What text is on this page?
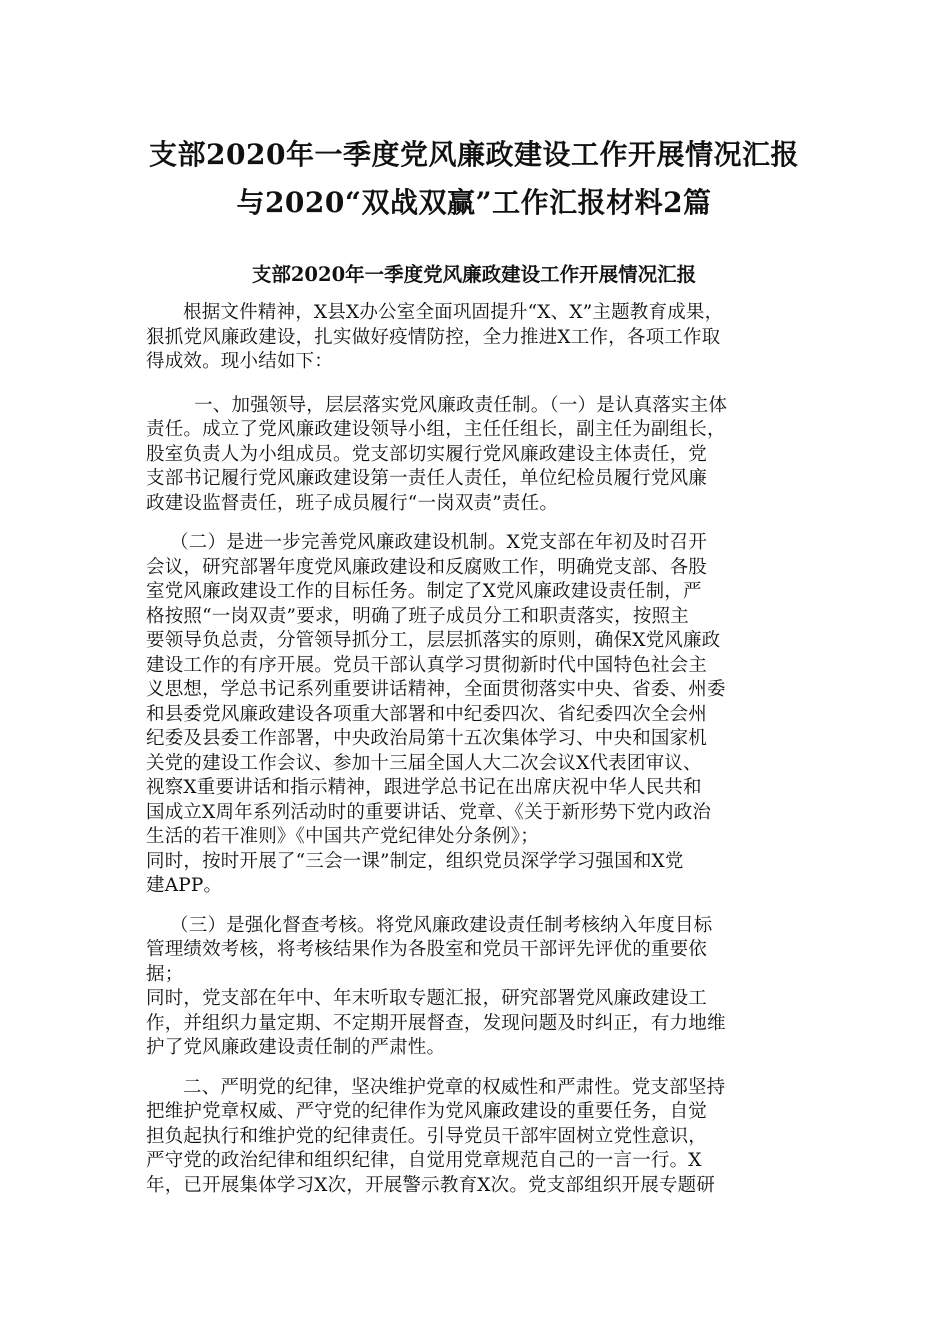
支部2020年一季度党风廉政建设工作开展情况汇报
与2020“双战双赢”工作汇报材料2篇
支部2020年一季度党风廉政建设工作开展情况汇报

根据文件精神，X县X办公室全面巩固提升“X、X”主题教育成果，
狠抓党风廉政建设，扎实做好疫情防控，全力推进X工作，各项工作取
得成效。现小结如下：

一、加强领导，层层落实党风廉政责任制。（一）是认真落实主体
责任。成立了党风廉政建设领导小组，主任任组长，副主任为副组长，
股室负责人为小组成员。党支部切实履行党风廉政建设主体责任，党
支部书记履行党风廉政建设第一责任人责任，单位纪检员履行党风廉
政建设监督责任，班子成员履行“一岗双责”责任。

（二）是进一步完善党风廉政建设机制。X党支部在年初及时召开
会议，研究部署年度党风廉政建设和反腐败工作，明确党支部、各股
室党风廉政建设工作的目标任务。制定了X党风廉政建设责任制，严
格按照“一岗双责”要求，明确了班子成员分工和职责落实，按照主
要领导负总责，分管领导抓分工，层层抓落实的原则，确保X党风廉政
建设工作的有序开展。党员干部认真学习贯彻新时代中国特色社会主
义思想，学总书记系列重要讲话精神，全面贯彻落实中央、省委、州委
和县委党风廉政建设各项重大部署和中纪委四次、省纪委四次全会州
纪委及县委工作部署，中央政治局第十五次集体学习、中央和国家机
关党的建设工作会议、参加十三届全国人大二次会议X代表团审议、
视察X重要讲话和指示精神，跟进学总书记在出席庆祝中华人民共和
国成立X周年系列活动时的重要讲话、党章、《关于新形势下党内政治
生活的若干准则》《中国共产党纪律处分条例》；
同时，按时开展了“三会一课”制定，组织党员深学学习强国和X党
建APP。

（三）是强化督查考核。将党风廉政建设责任制考核纳入年度目标
管理绩效考核，将考核结果作为各股室和党员干部评先评优的重要依
据；
同时，党支部在年中、年末听取专题汇报，研究部署党风廉政建设工
作，并组织力量定期、不定期开展督查，发现问题及时纠正，有力地维
护了党风廉政建设责任制的严肃性。

二、严明党的纪律，坚决维护党章的权威性和严肃性。党支部坚持
把维护党章权威、严守党的纪律作为党风廉政建设的重要任务，自觉
担负起执行和维护党的纪律责任。引导党员干部牢固树立党性意识，
严守党的政治纪律和组织纪律，自觉用党章规范自己的一言一行。X
年，已开展集体学习X次，开展警示教育X次。党支部组织开展专题研
